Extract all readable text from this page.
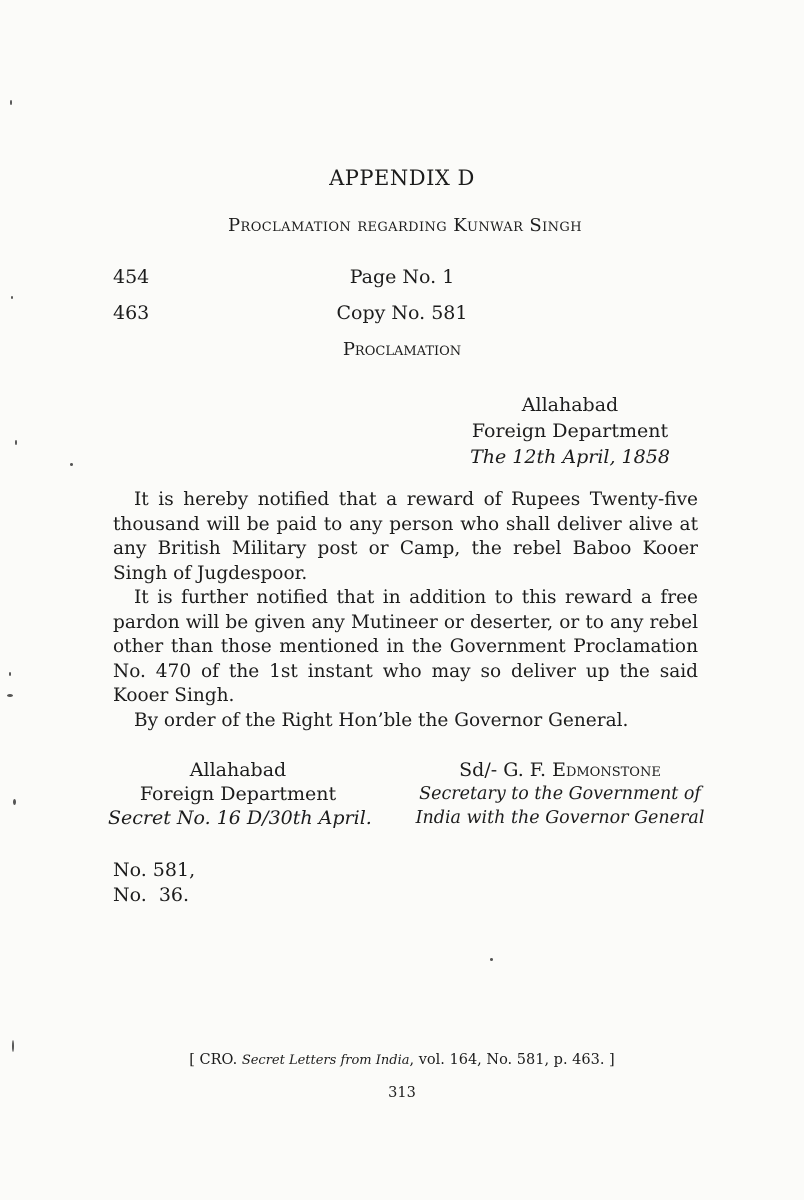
APPENDIX D
Proclamation regarding Kunwar Singh
454	Page No. 1
463	Copy No. 581
Proclamation
Allahabad
Foreign Department
The 12th April, 1858

It is hereby notified that a reward of Rupees Twenty-five thousand will be paid to any person who shall deliver alive at any British Military post or Camp, the rebel Baboo Kooer Singh of Jugdespoor.

It is further notified that in addition to this reward a free pardon will be given any Mutineer or deserter, or to any rebel other than those mentioned in the Government Proclamation No. 470 of the 1st instant who may so deliver up the said Kooer Singh.

By order of the Right Hon’ble the Governor General.

Allahabad
Foreign Department
Secret No. 16 D/30th April.
Sd/- G. F. Edmonstone
Secretary to the Government of
India with the Governor General
No. 581,
No.  36.
[ CRO. Secret Letters from India, vol. 164, No. 581, p. 463. ]
313
